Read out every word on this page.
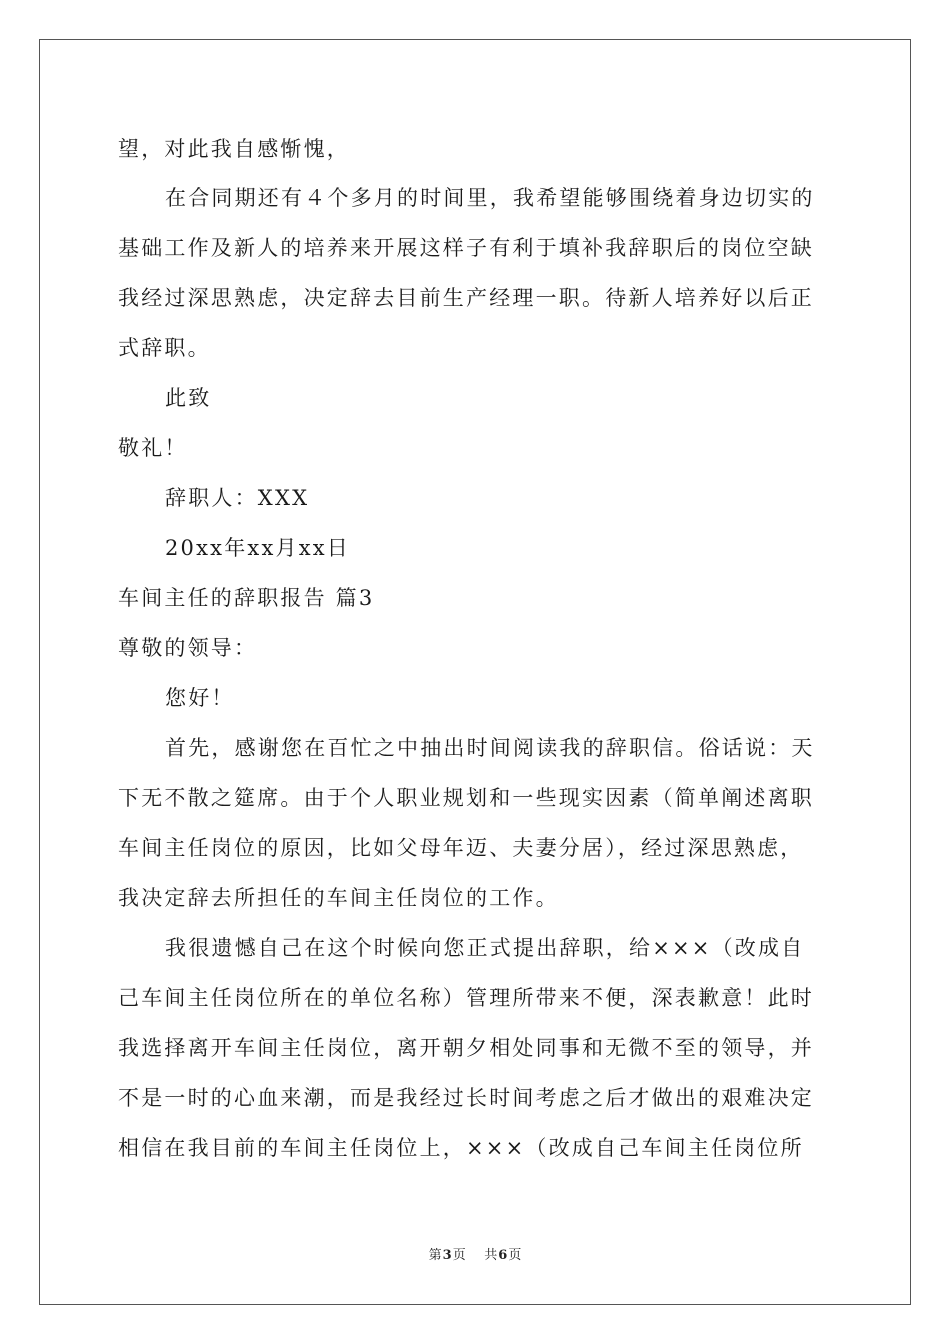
望，对此我自感惭愧，
在合同期还有４个多月的时间里，我希望能够围绕着身边切实的
基础工作及新人的培养来开展这样子有利于填补我辞职后的岗位空缺
我经过深思熟虑，决定辞去目前生产经理一职。待新人培养好以后正
式辞职。
此致
敬礼！
辞职人：XXX
20xx年xx月xx日
车间主任的辞职报告 篇3
尊敬的领导：
您好！
首先，感谢您在百忙之中抽出时间阅读我的辞职信。俗话说：天
下无不散之筵席。由于个人职业规划和一些现实因素（简单阐述离职
车间主任岗位的原因，比如父母年迈、夫妻分居），经过深思熟虑，
我决定辞去所担任的车间主任岗位的工作。
我很遗憾自己在这个时候向您正式提出辞职，给×××（改成自
己车间主任岗位所在的单位名称）管理所带来不便，深表歉意！此时
我选择离开车间主任岗位，离开朝夕相处同事和无微不至的领导，并
不是一时的心血来潮，而是我经过长时间考虑之后才做出的艰难决定
相信在我目前的车间主任岗位上，×××（改成自己车间主任岗位所
第3页 共6页
